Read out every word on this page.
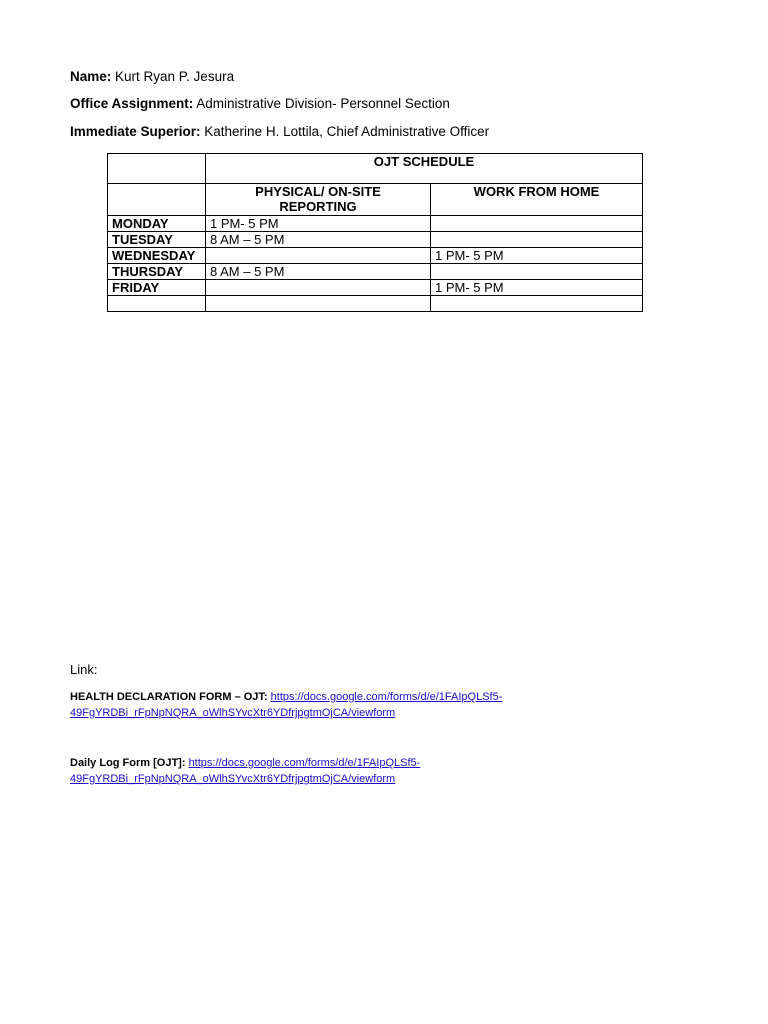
Name: Kurt Ryan P. Jesura
Office Assignment: Administrative Division- Personnel Section
Immediate Superior: Katherine H. Lottila, Chief Administrative Officer
	OJT SCHEDULE	
	PHYSICAL/ ON-SITE
REPORTING	WORK FROM HOME
MONDAY	1 PM- 5 PM	
TUESDAY	8 AM – 5 PM	
WEDNESDAY		1 PM- 5 PM
THURSDAY	8 AM – 5 PM	
FRIDAY		1 PM- 5 PM

Link:
HEALTH DECLARATION FORM – OJT: https://docs.google.com/forms/d/e/1FAIpQLSf5-
49FgYRDBi_rFpNpNQRA_oWlhSYvcXtr6YDfrjpgtmOjCA/viewform
Daily Log Form [OJT]: https://docs.google.com/forms/d/e/1FAIpQLSf5-
49FgYRDBi_rFpNpNQRA_oWlhSYvcXtr6YDfrjpgtmOjCA/viewform
